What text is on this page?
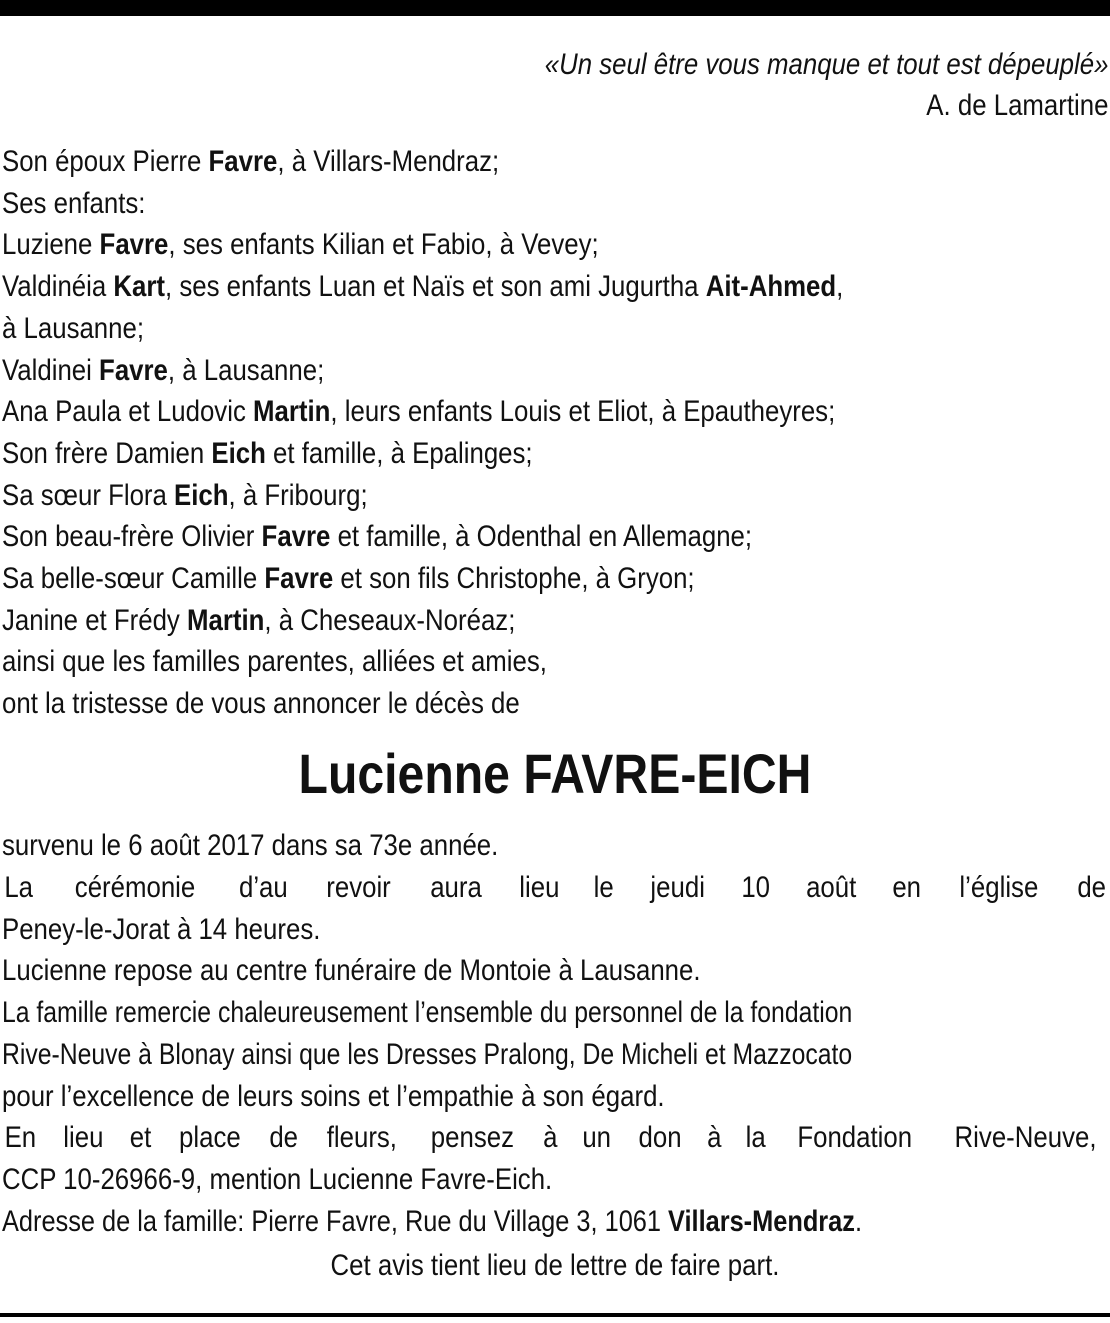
«Un seul être vous manque et tout est dépeuplé»
A. de Lamartine
Son époux Pierre Favre, à Villars-Mendraz;
Ses enfants:
Luziene Favre, ses enfants Kilian et Fabio, à Vevey;
Valdinéia Kart, ses enfants Luan et Naïs et son ami Jugurtha Ait-Ahmed,
à Lausanne;
Valdinei Favre, à Lausanne;
Ana Paula et Ludovic Martin, leurs enfants Louis et Eliot, à Epautheyres;
Son frère Damien Eich et famille, à Epalinges;
Sa sœur Flora Eich, à Fribourg;
Son beau-frère Olivier Favre et famille, à Odenthal en Allemagne;
Sa belle-sœur Camille Favre et son fils Christophe, à Gryon;
Janine et Frédy Martin, à Cheseaux-Noréaz;
ainsi que les familles parentes, alliées et amies,
ont la tristesse de vous annoncer le décès de
Lucienne FAVRE-EICH
survenu le 6 août 2017 dans sa 73e année.
La cérémonie d’au revoir aura lieu le jeudi 10 août en l’église de
Peney-le-Jorat à 14 heures.
Lucienne repose au centre funéraire de Montoie à Lausanne.
La famille remercie chaleureusement l’ensemble du personnel de la fondation
Rive-Neuve à Blonay ainsi que les Dresses Pralong, De Micheli et Mazzocato
pour l’excellence de leurs soins et l’empathie à son égard.
En lieu et place de fleurs, pensez à un don à la Fondation Rive-Neuve,
CCP 10-26966-9, mention Lucienne Favre-Eich.
Adresse de la famille: Pierre Favre, Rue du Village 3, 1061 Villars-Mendraz.
Cet avis tient lieu de lettre de faire part.
